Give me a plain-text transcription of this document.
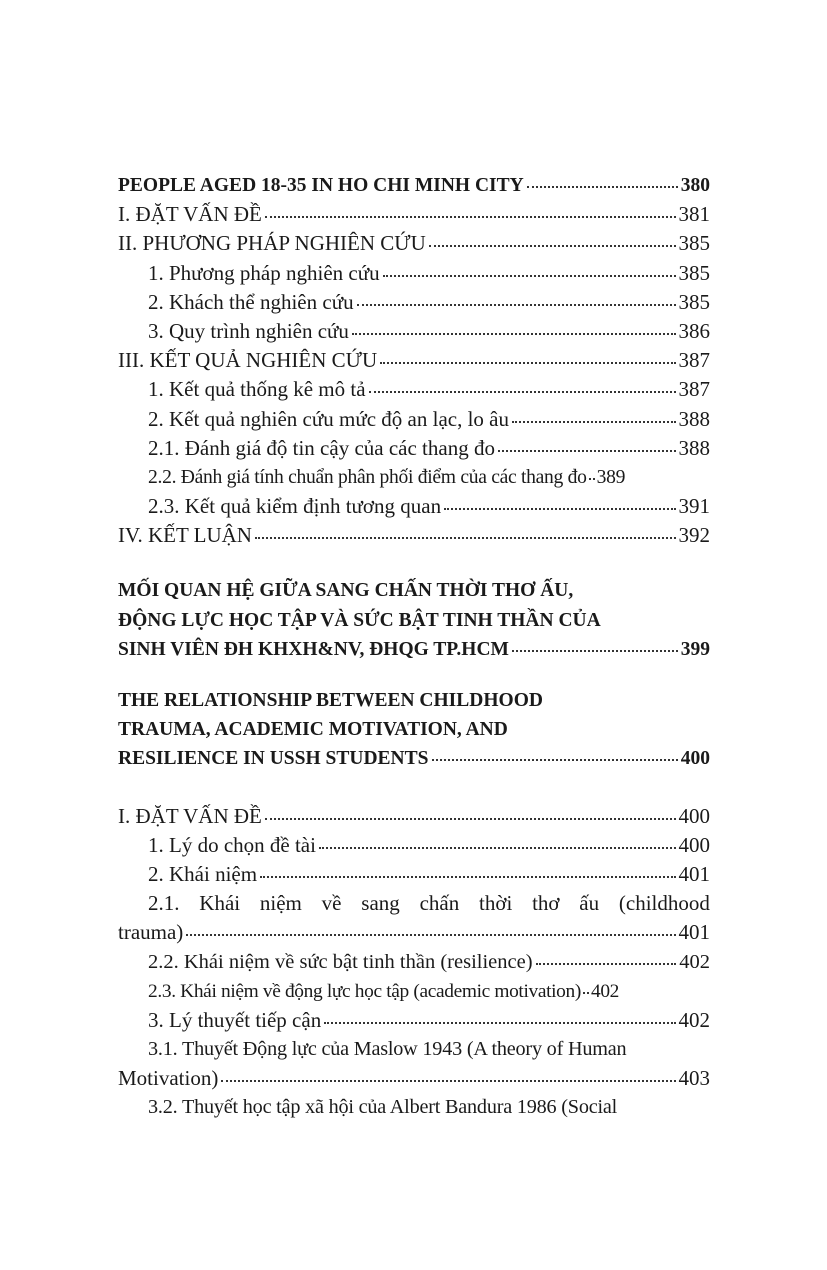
PEOPLE AGED 18-35 IN HO CHI MINH CITY	380
I. ĐẶT VẤN ĐỀ	381
II. PHƯƠNG PHÁP NGHIÊN CỨU	385
1. Phương pháp nghiên cứu	385
2. Khách thể nghiên cứu	385
3. Quy trình nghiên cứu	386
III. KẾT QUẢ NGHIÊN CỨU	387
1. Kết quả thống kê mô tả	387
2. Kết quả nghiên cứu mức độ an lạc, lo âu	388
2.1. Đánh giá độ tin cậy của các thang đo	388
2.2. Đánh giá tính chuẩn phân phối điểm của các thang đo 389
2.3. Kết quả kiểm định tương quan	391
IV. KẾT LUẬN	392
MỐI QUAN HỆ GIỮA SANG CHẤN THỜI THƠ ẤU,
ĐỘNG LỰC HỌC TẬP VÀ SỨC BẬT TINH THẦN CỦA
SINH VIÊN ĐH KHXH&NV, ĐHQG TP.HCM	399
THE RELATIONSHIP BETWEEN CHILDHOOD
TRAUMA, ACADEMIC MOTIVATION, AND
RESILIENCE IN USSH STUDENTS	400
I. ĐẶT VẤN ĐỀ	400
1. Lý do chọn đề tài	400
2. Khái niệm	401
2.1. Khái niệm về sang chấn thời thơ ấu (childhood
trauma)	401
2.2. Khái niệm về sức bật tinh thần (resilience)	402
2.3. Khái niệm về động lực học tập (academic motivation) 402
3. Lý thuyết tiếp cận	402
3.1. Thuyết Động lực của Maslow 1943 (A theory of Human
Motivation)	403
3.2. Thuyết học tập xã hội của Albert Bandura 1986 (Social
